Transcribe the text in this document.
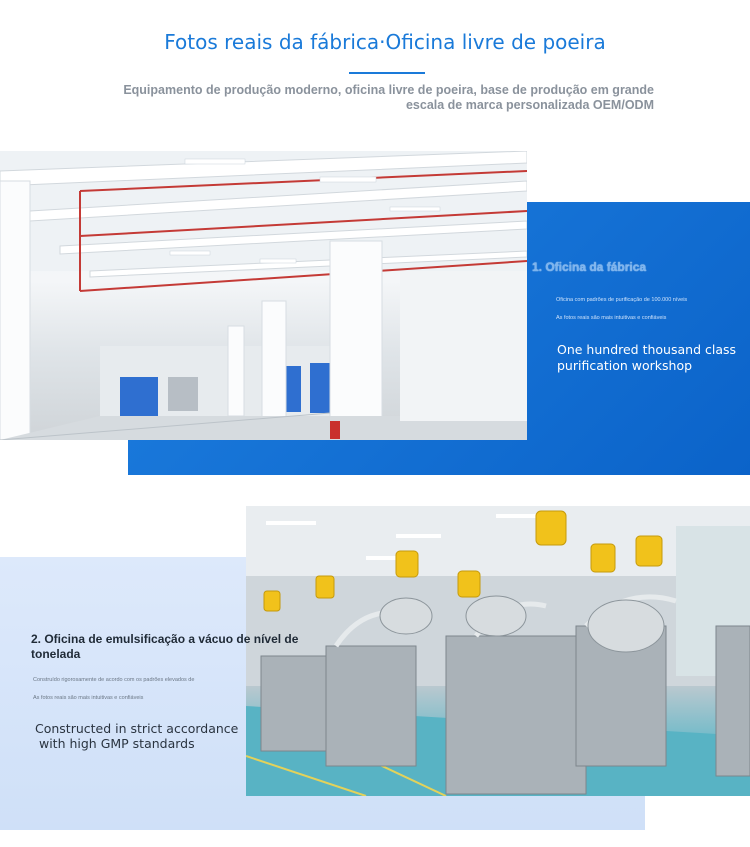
Fotos reais da fábrica·Oficina livre de poeira
Equipamento de produção moderno, oficina livre de poeira, base de produção em grande
escala de marca personalizada OEM/ODM
1. Oficina da fábrica
Oficina com padrões de purificação de 100.000 níveis
As fotos reais são mais intuitivas e confiáveis
One hundred thousand class
purification workshop
2. Oficina de emulsificação a vácuo de nível de tonelada
Construído rigorosamente de acordo com os padrões elevados de
As fotos reais são mais intuitivas e confiáveis
Constructed in strict accordance
with high GMP standards
